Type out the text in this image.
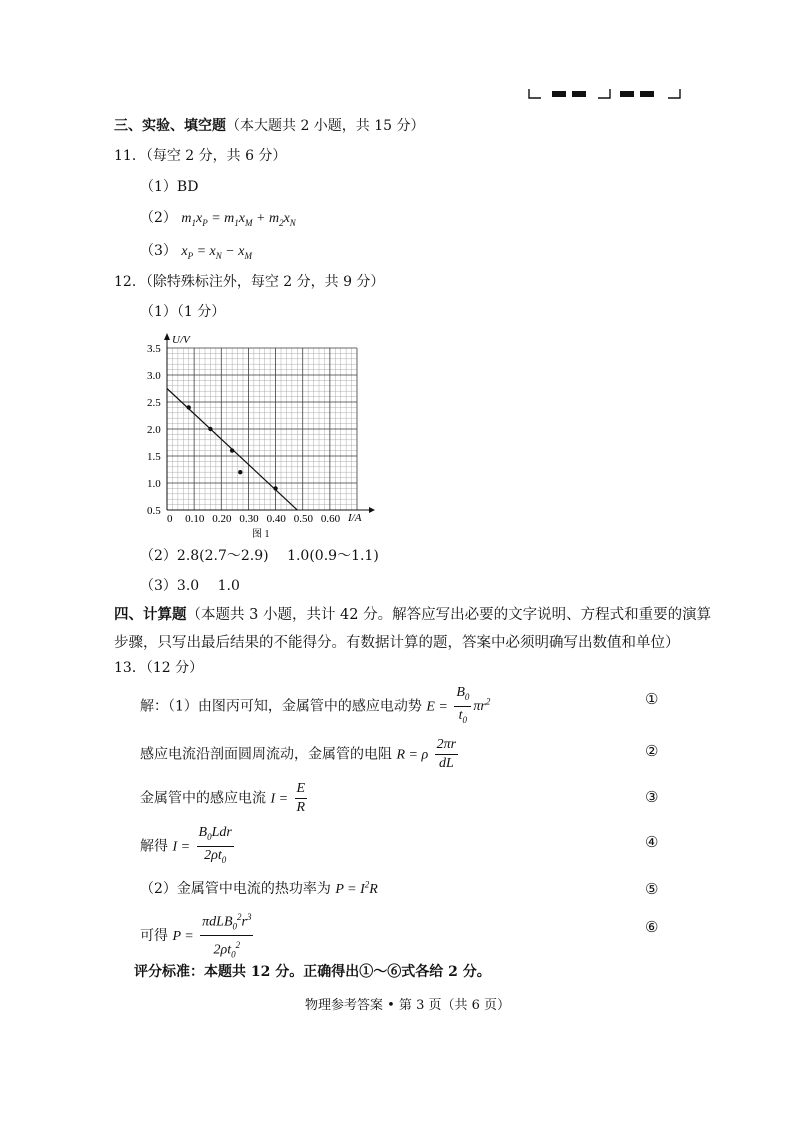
三、实验、填空题（本大题共 2 小题，共 15 分）
11．（每空 2 分，共 6 分）
（1）BD
（2） $m_1x_P = m_1x_M + m_2x_N$
（3） $x_P = x_N - x_M$
12．（除特殊标注外，每空 2 分，共 9 分）
（1）（1 分）
0 0.10 0.20 0.30 0.40 0.50 0.60
0.5
1.0
1.5
2.0
2.5
3.0
3.5
U/V
I/A
图 1
（2）2.8(2.7～2.9)　 1.0(0.9～1.1)
（3）3.0　 1.0
四、计算题（本题共 3 小题，共计 42 分。解答应写出必要的文字说明、方程式和重要的演算
步骤，只写出最后结果的不能得分。有数据计算的题，答案中必须明确写出数值和单位）
13．（12 分）
解：（1）由图丙可知，金属管中的感应电动势 $E = \frac{B_0}{t_0} \pi r^2$	①
感应电流沿剖面圆周流动，金属管的电阻 R = ρ $\frac{2\pi r}{dL}$	②
金属管中的感应电流 $I = \frac{E}{R}$	③
解得 $I = \frac{B_0Ldr}{2\rho t_0}$	④
（2）金属管中电流的热功率为 $P = I^2R$	⑤
可得 $P = \frac{\pi dLB_0^2r^3}{2\rho t_0^2}$	⑥
评分标准：本题共 12 分。正确得出①～⑥式各给 2 分。
物理参考答案 • 第 3 页（共 6 页）
